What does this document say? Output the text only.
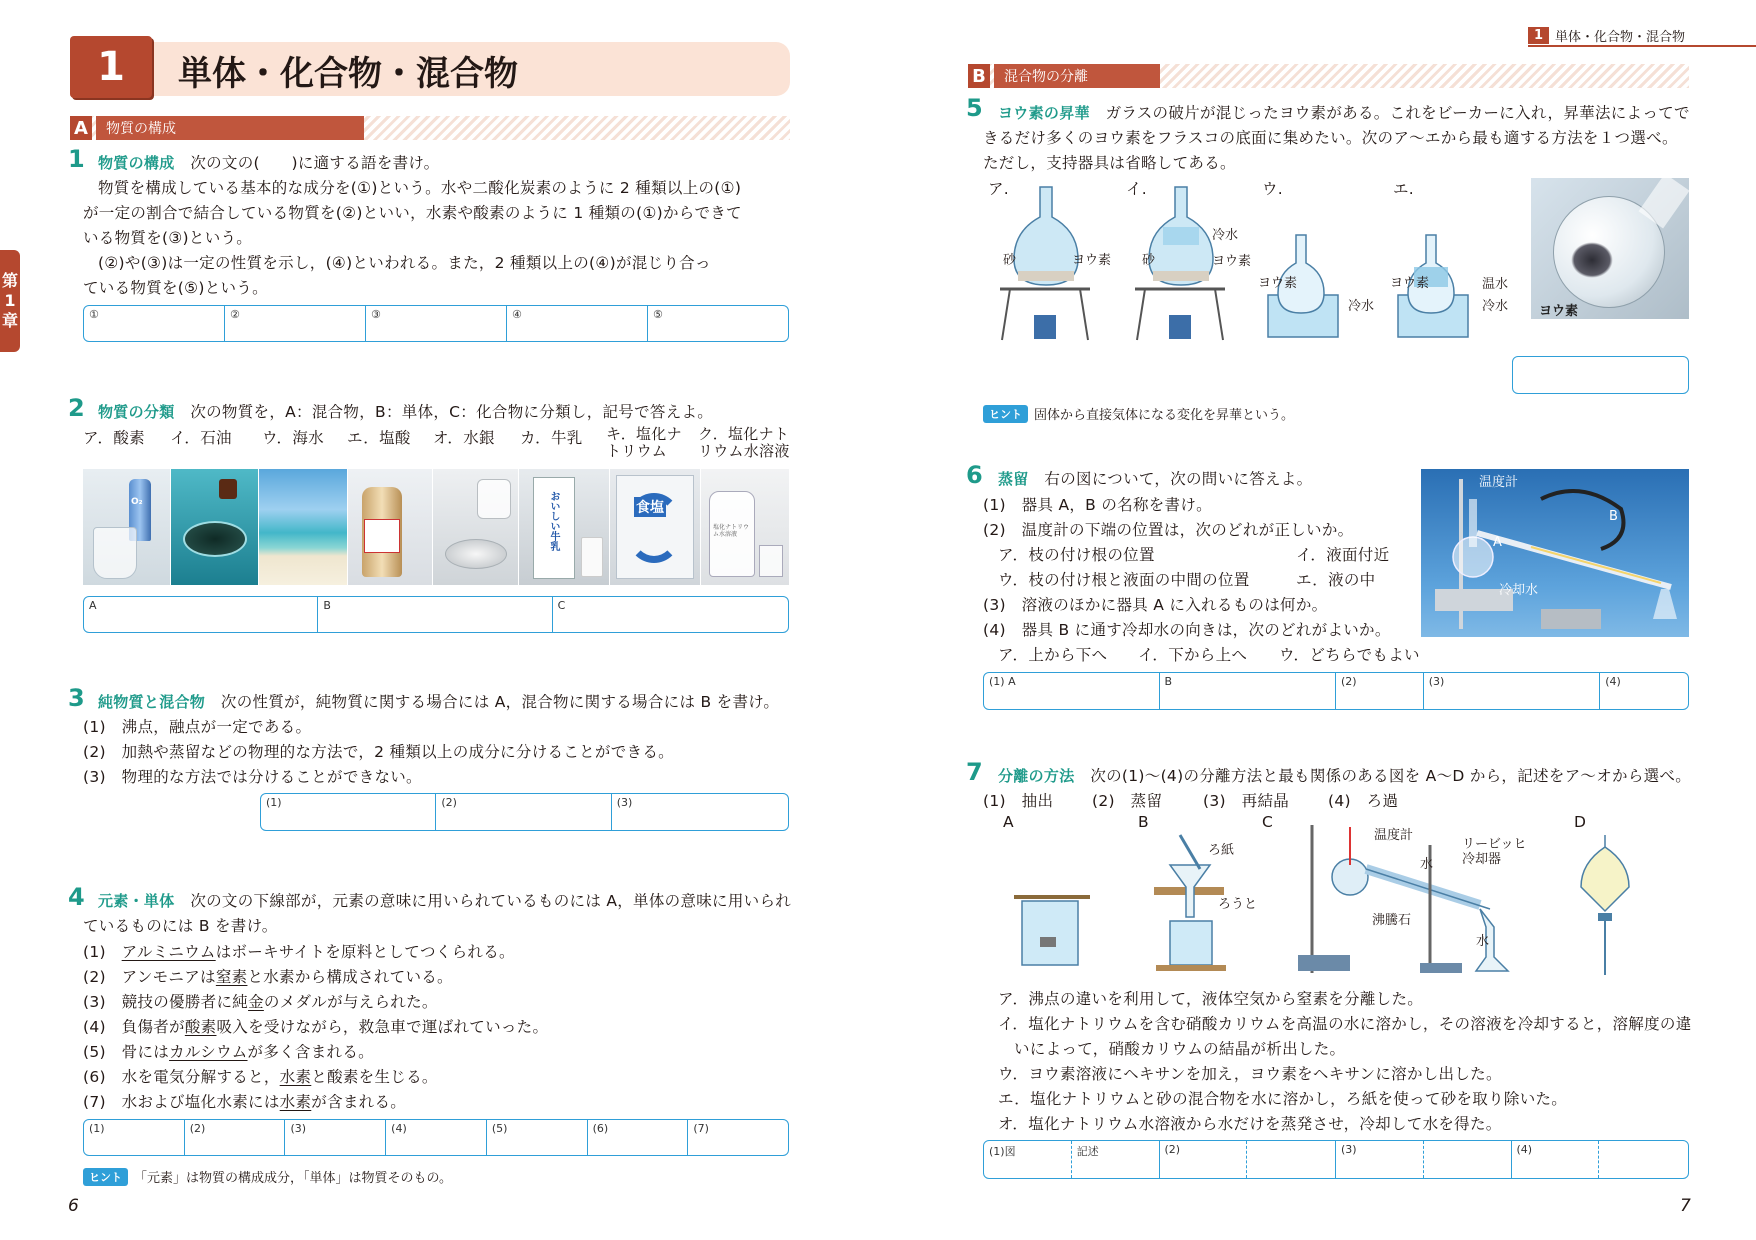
1	単体・化合物・混合物
第
1
章
A	物質の構成
1 物質の構成　 次の文の(　　)に適する語を書け。
物質を構成している基本的な成分を(①)という。水や二酸化炭素のように 2 種類以上の(①)
が一定の割合で結合している物質を(②)といい，水素や酸素のように 1 種類の(①)からできて
いる物質を(③)という。
(②)や(③)は一定の性質を示し，(④)といわれる。また，2 種類以上の(④)が混じり合っ
ている物質を(⑤)という。
①	②	③	④	⑤
2 物質の分類　 次の物質を，A：混合物，B：単体，C：化合物に分類し，記号で答えよ。
ア．酸素 イ．石油 ウ．海水 エ．塩酸 オ．水銀 カ．牛乳 キ．塩化ナトリウム
ク．塩化ナトリウム水溶液
O₂	おいしい牛乳	食塩
塩化ナトリウム水溶液
A	B	C
3 純物質と混合物　 次の性質が，純物質に関する場合には A，混合物に関する場合には B を書け。
(1)　沸点，融点が一定である。
(2)　加熱や蒸留などの物理的な方法で，2 種類以上の成分に分けることができる。
(3)　物理的な方法では分けることができない。
(1)	(2)	(3)
4 元素・単体　 次の文の下線部が，元素の意味に用いられているものには A，単体の意味に用いられ
ているものには B を書け。
(1)　アルミニウムはボーキサイトを原料としてつくられる。
(2)　アンモニアは窒素と水素から構成されている。
(3)　競技の優勝者に純金のメダルが与えられた。
(4)　負傷者が酸素吸入を受けながら，救急車で運ばれていった。
(5)　骨にはカルシウムが多く含まれる。
(6)　水を電気分解すると，水素と酸素を生じる。
(7)　水および塩化水素には水素が含まれる。
(1)	(2)	(3)	(4)	(5)	(6)	(7)
ヒント 「元素」は物質の構成成分，「単体」は物質そのもの。
6
1 単体・化合物・混合物
B	混合物の分離
5 ヨウ素の昇華　 ガラスの破片が混じったヨウ素がある。これをビーカーに入れ，昇華法によってで
きるだけ多くのヨウ素をフラスコの底面に集めたい。次のア～エから最も適する方法を１つ選べ。
ただし，支持器具は省略してある。
ア.	イ.	ウ.	エ.
砂	ヨウ素
冷水
砂	ヨウ素
ヨウ素
冷水
ヨウ素	温水
冷水 ヨウ素
ヒント 固体から直接気体になる変化を昇華という。
6 蒸留　 右の図について，次の問いに答えよ。
(1)　器具 A，B の名称を書け。
(2)　温度計の下端の位置は，次のどれが正しいか。
ア．枝の付け根の位置	イ．液面付近
ウ．枝の付け根と液面の中間の位置	エ．液の中
(3)　溶液のほかに器具 A に入れるものは何か。
(4)　器具 B に通す冷却水の向きは，次のどれがよいか。
ア．上から下へ イ．下から上へ ウ．どちらでもよい
温度計
A
B
冷却水
(1) A	B	(2)	(3)	(4)
7 分離の方法　 次の(1)～(4)の分離方法と最も関係のある図を A～D から，記述をア～オから選べ。
(1)　抽出 (2)　蒸留	(3)　再結晶	(4)　ろ過
A	B	C	D
ろ紙
ろうと
温度計
リービッヒ
冷却器
水
水
沸騰石
ア．沸点の違いを利用して，液体空気から窒素を分離した。
イ．塩化ナトリウムを含む硝酸カリウムを高温の水に溶かし，その溶液を冷却すると，溶解度の違
いによって，硝酸カリウムの結晶が析出した。
ウ．ヨウ素溶液にヘキサンを加え，ヨウ素をヘキサンに溶かし出した。
エ．塩化ナトリウムと砂の混合物を水に溶かし，ろ紙を使って砂を取り除いた。
オ．塩化ナトリウム水溶液から水だけを蒸発させ，冷却して水を得た。
(1)図	記述	(2)	(3)	(4)
7
